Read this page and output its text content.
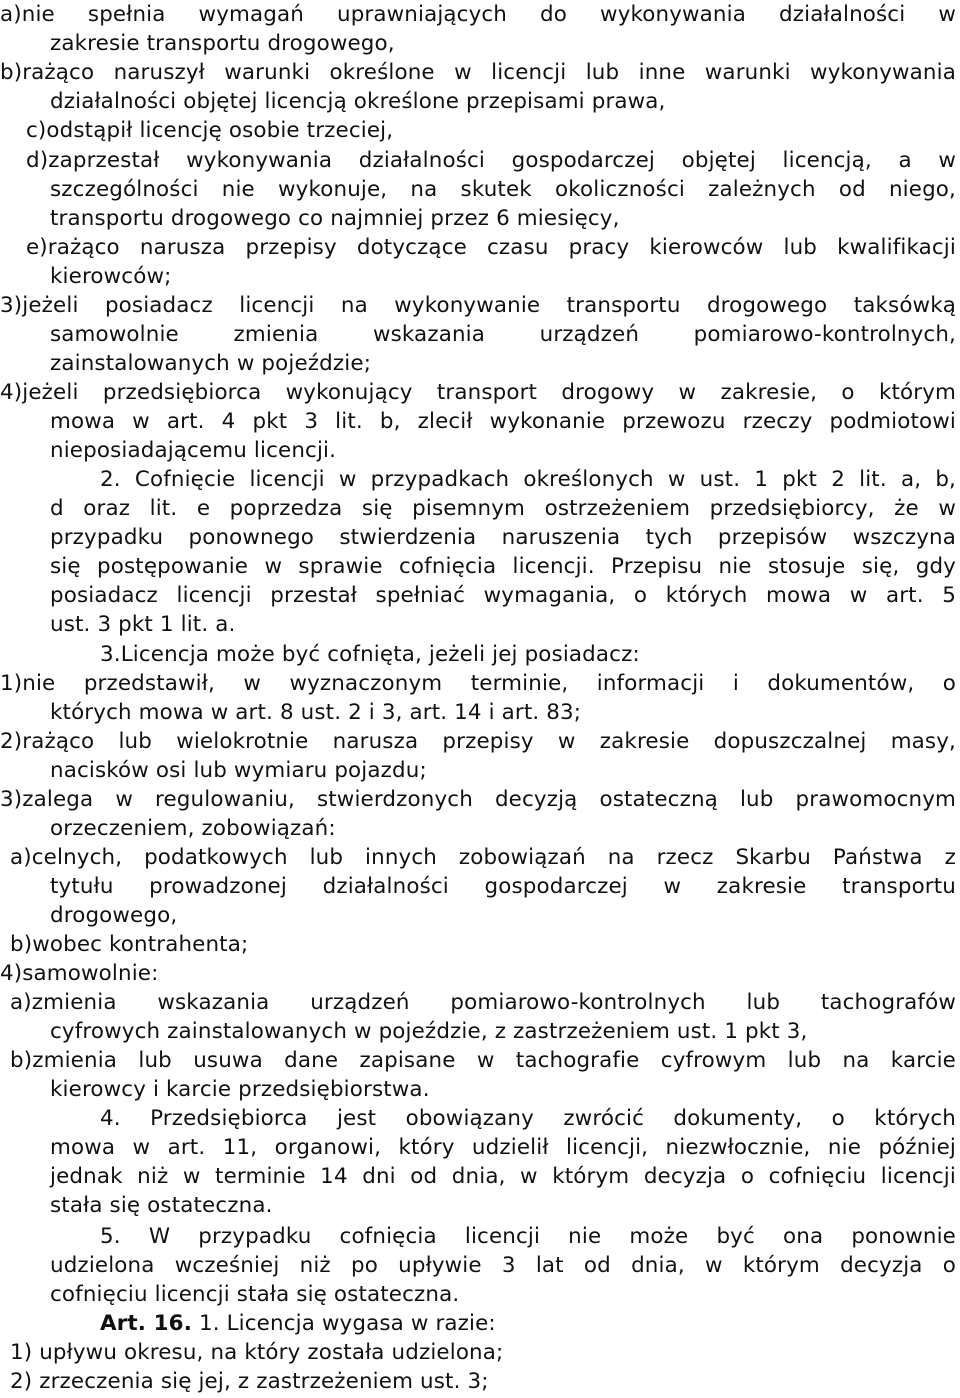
a)nie spełnia wymagań uprawniających do wykonywania działalności w
zakresie transportu drogowego,
b)rażąco naruszył warunki określone w licencji lub inne warunki wykonywania
działalności objętej licencją określone przepisami prawa,
c)odstąpił licencję osobie trzeciej,
d)zaprzestał wykonywania działalności gospodarczej objętej licencją, a w
szczególności nie wykonuje, na skutek okoliczności zależnych od niego,
transportu drogowego co najmniej przez 6 miesięcy,
e)rażąco narusza przepisy dotyczące czasu pracy kierowców lub kwalifikacji
kierowców;
3)jeżeli posiadacz licencji na wykonywanie transportu drogowego taksówką
samowolnie zmienia wskazania urządzeń pomiarowo-kontrolnych,
zainstalowanych w pojeździe;
4)jeżeli przedsiębiorca wykonujący transport drogowy w zakresie, o którym
mowa w art. 4 pkt 3 lit. b, zlecił wykonanie przewozu rzeczy podmiotowi
nieposiadającemu licencji.
2. Cofnięcie licencji w przypadkach określonych w ust. 1 pkt 2 lit. a, b,
d oraz lit. e poprzedza się pisemnym ostrzeżeniem przedsiębiorcy, że w
przypadku ponownego stwierdzenia naruszenia tych przepisów wszczyna
się postępowanie w sprawie cofnięcia licencji. Przepisu nie stosuje się, gdy
posiadacz licencji przestał spełniać wymagania, o których mowa w art. 5
ust. 3 pkt 1 lit. a.
3.Licencja może być cofnięta, jeżeli jej posiadacz:
1)nie przedstawił, w wyznaczonym terminie, informacji i dokumentów, o
których mowa w art. 8 ust. 2 i 3, art. 14 i art. 83;
2)rażąco lub wielokrotnie narusza przepisy w zakresie dopuszczalnej masy,
nacisków osi lub wymiaru pojazdu;
3)zalega w regulowaniu, stwierdzonych decyzją ostateczną lub prawomocnym
orzeczeniem, zobowiązań:
a)celnych, podatkowych lub innych zobowiązań na rzecz Skarbu Państwa z
tytułu prowadzonej działalności gospodarczej w zakresie transportu
drogowego,
b)wobec kontrahenta;
4)samowolnie:
a)zmienia wskazania urządzeń pomiarowo-kontrolnych lub tachografów
cyfrowych zainstalowanych w pojeździe, z zastrzeżeniem ust. 1 pkt 3,
b)zmienia lub usuwa dane zapisane w tachografie cyfrowym lub na karcie
kierowcy i karcie przedsiębiorstwa.
4. Przedsiębiorca jest obowiązany zwrócić dokumenty, o których
mowa w art. 11, organowi, który udzielił licencji, niezwłocznie, nie później
jednak niż w terminie 14 dni od dnia, w którym decyzja o cofnięciu licencji
stała się ostateczna.
5. W przypadku cofnięcia licencji nie może być ona ponownie
udzielona wcześniej niż po upływie 3 lat od dnia, w którym decyzja o
cofnięciu licencji stała się ostateczna.
Art. 16. 1. Licencja wygasa w razie:
1) upływu okresu, na który została udzielona;
2) zrzeczenia się jej, z zastrzeżeniem ust. 3;
